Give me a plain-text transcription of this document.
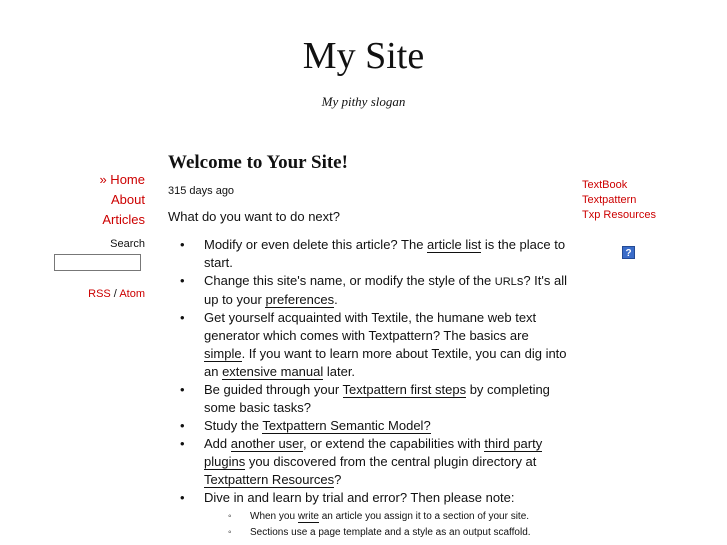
My Site
My pithy slogan
» Home
About
Articles
Search
RSS / Atom
Welcome to Your Site!
315 days ago
What do you want to do next?
• Modify or even delete this article? The article list is the place to start.
• Change this site's name, or modify the style of the URLs? It's all up to your preferences.
• Get yourself acquainted with Textile, the humane web text generator which comes with Textpattern? The basics are simple. If you want to learn more about Textile, you can dig into an extensive manual later.
• Be guided through your Textpattern first steps by completing some basic tasks?
• Study the Textpattern Semantic Model?
• Add another user, or extend the capabilities with third party plugins you discovered from the central plugin directory at Textpattern Resources?
• Dive in and learn by trial and error? Then please note:
◦ When you write an article you assign it to a section of your site.
◦ Sections use a page template and a style as an output scaffold.
TextBook
Textpattern
Txp Resources
?
